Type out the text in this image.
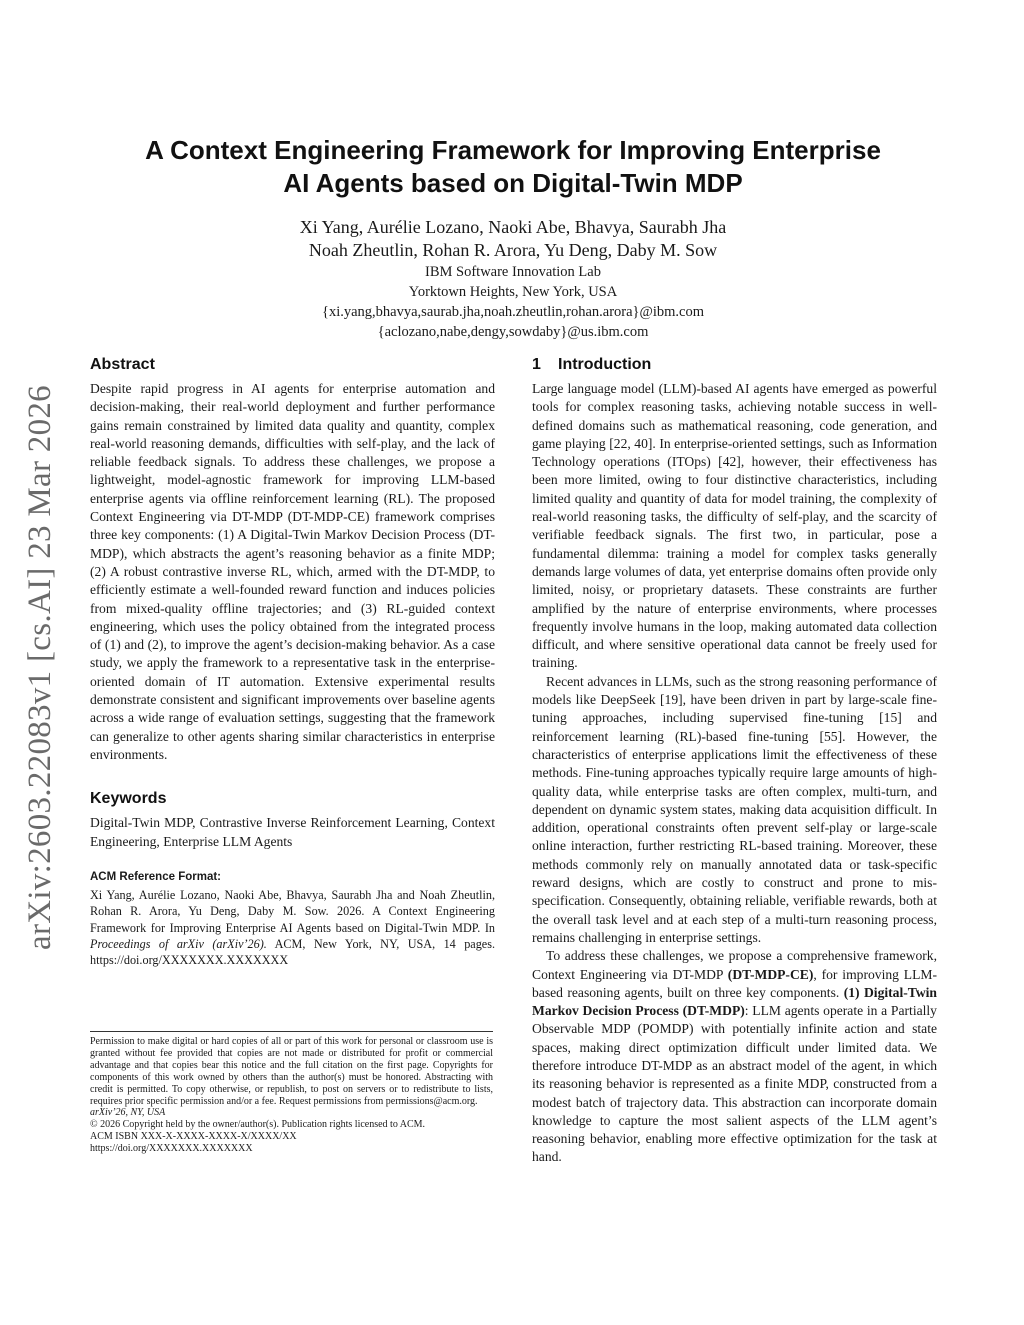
arXiv:2603.22083v1 [cs.AI] 23 Mar 2026
A Context Engineering Framework for Improving Enterprise
AI Agents based on Digital-Twin MDP
Xi Yang, Aurélie Lozano, Naoki Abe, Bhavya, Saurabh Jha
Noah Zheutlin, Rohan R. Arora, Yu Deng, Daby M. Sow
IBM Software Innovation Lab
Yorktown Heights, New York, USA
{xi.yang,bhavya,saurab.jha,noah.zheutlin,rohan.arora}@ibm.com
{aclozano,nabe,dengy,sowdaby}@us.ibm.com
Abstract

Despite rapid progress in AI agents for enterprise automation and decision-making, their real-world deployment and further performance gains remain constrained by limited data quality and quantity, complex real-world reasoning demands, difficulties with self-play, and the lack of reliable feedback signals. To address these challenges, we propose a lightweight, model-agnostic framework for improving LLM-based enterprise agents via offline reinforcement learning (RL). The proposed Context Engineering via DT-MDP (DT-MDP-CE) framework comprises three key components: (1) A Digital-Twin Markov Decision Process (DT-MDP), which abstracts the agent’s reasoning behavior as a finite MDP; (2) A robust contrastive inverse RL, which, armed with the DT-MDP, to efficiently estimate a well-founded reward function and induces policies from mixed-quality offline trajectories; and (3) RL-guided context engineering, which uses the policy obtained from the integrated process of (1) and (2), to improve the agent’s decision-making behavior. As a case study, we apply the framework to a representative task in the enterprise-oriented domain of IT automation. Extensive experimental results demonstrate consistent and significant improvements over baseline agents across a wide range of evaluation settings, suggesting that the framework can generalize to other agents sharing similar characteristics in enterprise environments.

Keywords

Digital-Twin MDP, Contrastive Inverse Reinforcement Learning, Context Engineering, Enterprise LLM Agents

ACM Reference Format:

Xi Yang, Aurélie Lozano, Naoki Abe, Bhavya, Saurabh Jha and Noah Zheutlin, Rohan R. Arora, Yu Deng, Daby M. Sow. 2026. A Context Engineering Framework for Improving Enterprise AI Agents based on Digital-Twin MDP. In Proceedings of arXiv (arXiv’26). ACM, New York, NY, USA, 14 pages. https://doi.org/XXXXXXX.XXXXXXX

Permission to make digital or hard copies of all or part of this work for personal or classroom use is granted without fee provided that copies are not made or distributed for profit or commercial advantage and that copies bear this notice and the full citation on the first page. Copyrights for components of this work owned by others than the author(s) must be honored. Abstracting with credit is permitted. To copy otherwise, or republish, to post on servers or to redistribute to lists, requires prior specific permission and/or a fee. Request permissions from permissions@acm.org.

arXiv’26, NY, USA
© 2026 Copyright held by the owner/author(s). Publication rights licensed to ACM.
ACM ISBN XXX-X-XXXX-XXXX-X/XXXX/XX
https://doi.org/XXXXXXX.XXXXXXX
1 Introduction

Large language model (LLM)-based AI agents have emerged as powerful tools for complex reasoning tasks, achieving notable success in well-defined domains such as mathematical reasoning, code generation, and game playing [22, 40]. In enterprise-oriented settings, such as Information Technology operations (ITOps) [42], however, their effectiveness has been more limited, owing to four distinctive characteristics, including limited quality and quantity of data for model training, the complexity of real-world reasoning tasks, the difficulty of self-play, and the scarcity of verifiable feedback signals. The first two, in particular, pose a fundamental dilemma: training a model for complex tasks generally demands large volumes of data, yet enterprise domains often provide only limited, noisy, or proprietary datasets. These constraints are further amplified by the nature of enterprise environments, where processes frequently involve humans in the loop, making automated data collection difficult, and where sensitive operational data cannot be freely used for training.

Recent advances in LLMs, such as the strong reasoning performance of models like DeepSeek [19], have been driven in part by large-scale fine-tuning approaches, including supervised fine-tuning [15] and reinforcement learning (RL)-based fine-tuning [55]. However, the characteristics of enterprise applications limit the effectiveness of these methods. Fine-tuning approaches typically require large amounts of high-quality data, while enterprise tasks are often complex, multi-turn, and dependent on dynamic system states, making data acquisition difficult. In addition, operational constraints often prevent self-play or large-scale online interaction, further restricting RL-based training. Moreover, these methods commonly rely on manually annotated data or task-specific reward designs, which are costly to construct and prone to mis-specification. Consequently, obtaining reliable, verifiable rewards, both at the overall task level and at each step of a multi-turn reasoning process, remains challenging in enterprise settings.

To address these challenges, we propose a comprehensive framework, Context Engineering via DT-MDP (DT-MDP-CE), for improving LLM-based reasoning agents, built on three key components. (1) Digital-Twin Markov Decision Process (DT-MDP): LLM agents operate in a Partially Observable MDP (POMDP) with potentially infinite action and state spaces, making direct optimization difficult under limited data. We therefore introduce DT-MDP as an abstract model of the agent, in which its reasoning behavior is represented as a finite MDP, constructed from a modest batch of trajectory data. This abstraction can incorporate domain knowledge to capture the most salient aspects of the LLM agent’s reasoning behavior, enabling more effective optimization for the task at hand.
